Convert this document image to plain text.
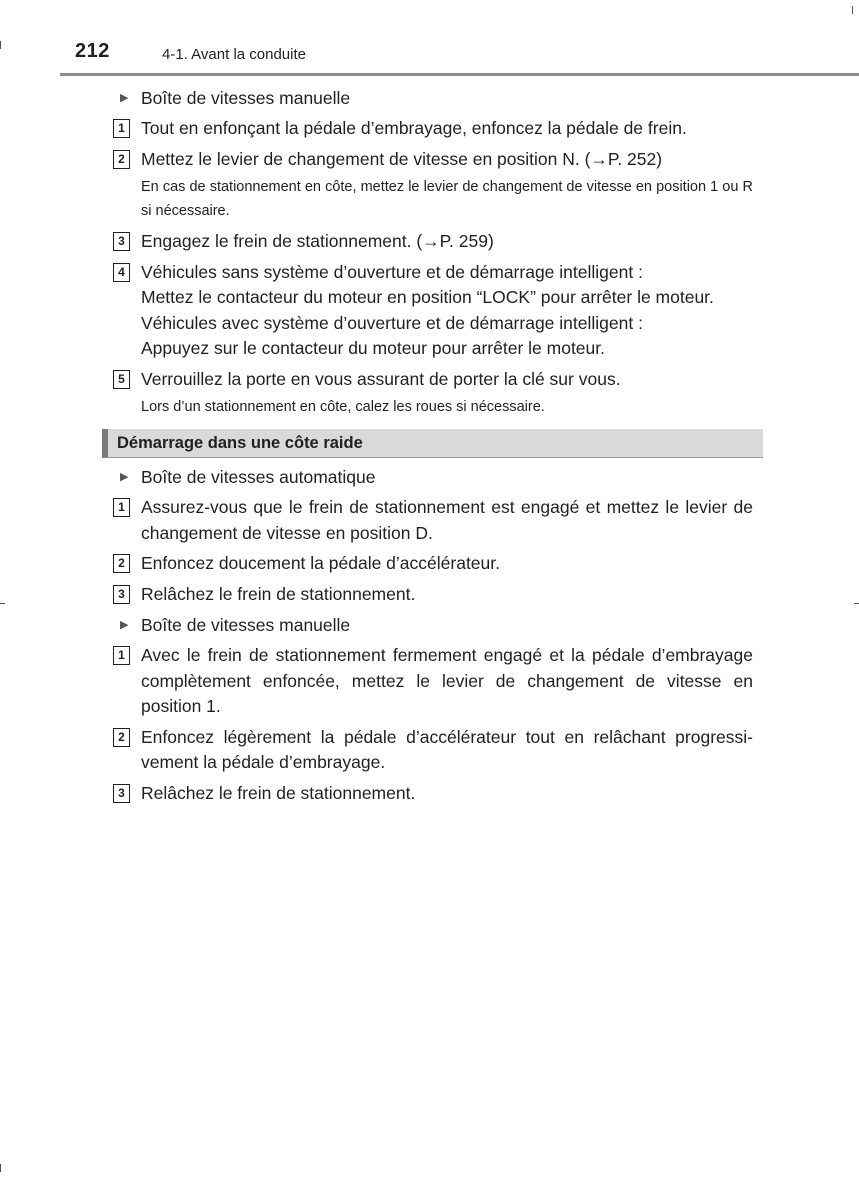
212	4-1. Avant la conduite
▶ Boîte de vitesses manuelle
1 Tout en enfonçant la pédale d’embrayage, enfoncez la pédale de frein.
2 Mettez le levier de changement de vitesse en position N. (→P. 252)
En cas de stationnement en côte, mettez le levier de changement de vitesse en position 1 ou R si nécessaire.
3 Engagez le frein de stationnement. (→P. 259)
4 Véhicules sans système d’ouverture et de démarrage intelligent :
Mettez le contacteur du moteur en position “LOCK” pour arrêter le moteur.
Véhicules avec système d’ouverture et de démarrage intelligent :
Appuyez sur le contacteur du moteur pour arrêter le moteur.
5 Verrouillez la porte en vous assurant de porter la clé sur vous.
Lors d’un stationnement en côte, calez les roues si nécessaire.
Démarrage dans une côte raide
▶ Boîte de vitesses automatique
1 Assurez-vous que le frein de stationnement est engagé et mettez le levier de changement de vitesse en position D.
2 Enfoncez doucement la pédale d’accélérateur.
3 Relâchez le frein de stationnement.
▶ Boîte de vitesses manuelle
1 Avec le frein de stationnement fermement engagé et la pédale d’embrayage complètement enfoncée, mettez le levier de changement de vitesse en position 1.
2 Enfoncez légèrement la pédale d’accélérateur tout en relâchant progressi-vement la pédale d’embrayage.
3 Relâchez le frein de stationnement.
